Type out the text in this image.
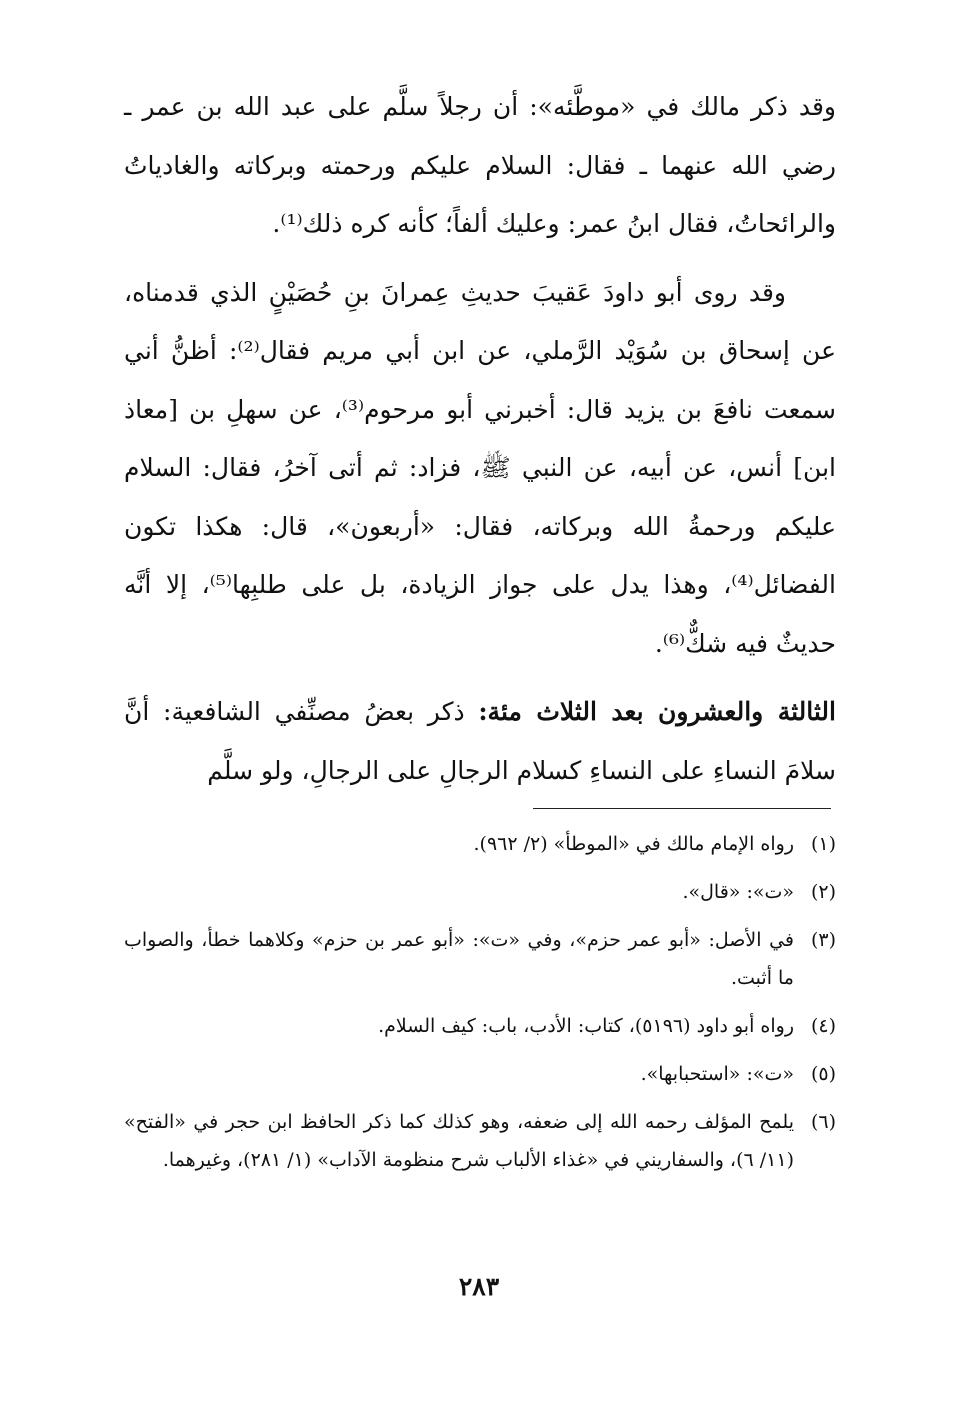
وقد ذكر مالك في «موطَّئه»: أن رجلاً سلَّم على عبد الله بن عمر ـ رضي الله عنهما ـ فقال: السلام عليكم ورحمته وبركاته والغادياتُ والرائحاتُ، فقال ابنُ عمر: وعليك ألفاً؛ كأنه كره ذلك⁽¹⁾.

وقد روى أبو داودَ عَقيبَ حديثِ عِمرانَ بنِ حُصَيْنٍ الذي قدمناه، عن إسحاق بن سُوَيْد الرَّملي، عن ابن أبي مريم فقال⁽²⁾: أظنُّ أني سمعت نافعَ بن يزيد قال: أخبرني أبو مرحوم⁽³⁾، عن سهلِ بن [معاذ ابن] أنس، عن أبيه، عن النبي ﷺ، فزاد: ثم أتى آخرُ، فقال: السلام عليكم ورحمةُ الله وبركاته، فقال: «أربعون»، قال: هكذا تكون الفضائل⁽⁴⁾، وهذا يدل على جواز الزيادة، بل على طلبِها⁽⁵⁾، إلا أنَّه حديثٌ فيه شكٌّ⁽⁶⁾.

الثالثة والعشرون بعد الثلاث مئة: ذكر بعضُ مصنِّفي الشافعية: أنَّ سلامَ النساءِ على النساءِ كسلام الرجالِ على الرجالِ، ولو سلَّم

(١)
رواه الإمام مالك في «الموطأ» (٢/ ٩٦٢).
(٢)
«ت»: «قال».
(٣)
في الأصل: «أبو عمر حزم»، وفي «ت»: «أبو عمر بن حزم» وكلاهما خطأ، والصواب ما أثبت.
(٤)
رواه أبو داود (٥١٩٦)، كتاب: الأدب، باب: كيف السلام.
(٥)
«ت»: «استحبابها».
(٦)
يلمح المؤلف رحمه الله إلى ضعفه، وهو كذلك كما ذكر الحافظ ابن حجر في «الفتح» (١١/ ٦)، والسفاريني في «غذاء الألباب شرح منظومة الآداب» (١/ ٢٨١)، وغيرهما.
٢٨٣
